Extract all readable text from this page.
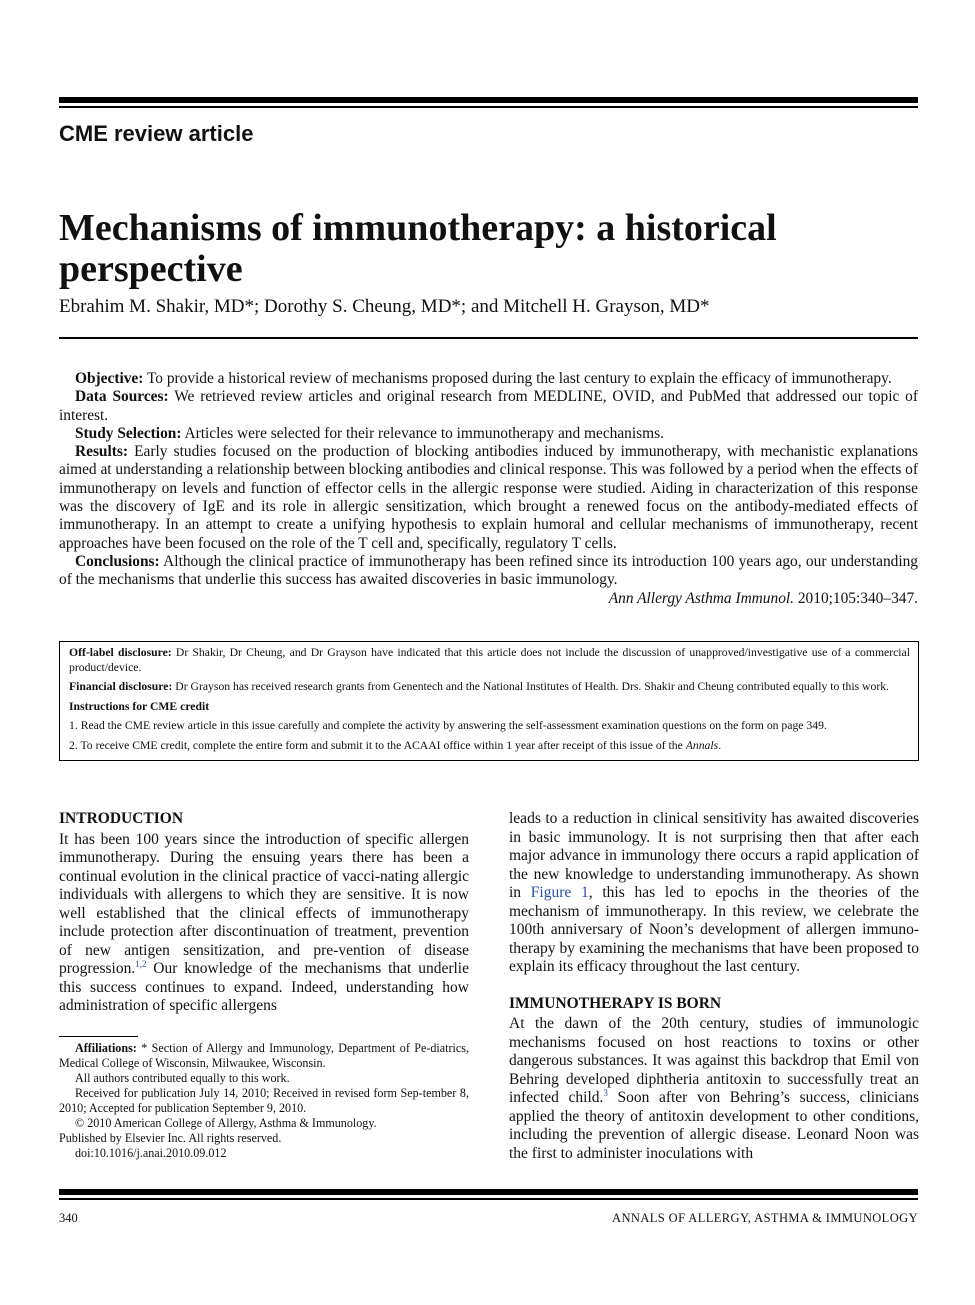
CME review article
Mechanisms of immunotherapy: a historical perspective
Ebrahim M. Shakir, MD*; Dorothy S. Cheung, MD*; and Mitchell H. Grayson, MD*

Objective: To provide a historical review of mechanisms proposed during the last century to explain the efficacy of immunotherapy.

Data Sources: We retrieved review articles and original research from MEDLINE, OVID, and PubMed that addressed our topic of interest.

Study Selection: Articles were selected for their relevance to immunotherapy and mechanisms.

Results: Early studies focused on the production of blocking antibodies induced by immunotherapy, with mechanistic explanations aimed at understanding a relationship between blocking antibodies and clinical response. This was followed by a period when the effects of immunotherapy on levels and function of effector cells in the allergic response were studied. Aiding in characterization of this response was the discovery of IgE and its role in allergic sensitization, which brought a renewed focus on the antibody-mediated effects of immunotherapy. In an attempt to create a unifying hypothesis to explain humoral and cellular mechanisms of immunotherapy, recent approaches have been focused on the role of the T cell and, specifically, regulatory T cells.

Conclusions: Although the clinical practice of immunotherapy has been refined since its introduction 100 years ago, our understanding of the mechanisms that underlie this success has awaited discoveries in basic immunology.

Ann Allergy Asthma Immunol. 2010;105:340–347.

Off-label disclosure: Dr Shakir, Dr Cheung, and Dr Grayson have indicated that this article does not include the discussion of unapproved/investigative use of a commercial product/device.

Financial disclosure: Dr Grayson has received research grants from Genentech and the National Institutes of Health. Drs. Shakir and Cheung contributed equally to this work.

Instructions for CME credit

1. Read the CME review article in this issue carefully and complete the activity by answering the self-assessment examination questions on the form on page 349.

2. To receive CME credit, complete the entire form and submit it to the ACAAI office within 1 year after receipt of this issue of the Annals.

INTRODUCTION

It has been 100 years since the introduction of specific allergen immunotherapy. During the ensuing years there has been a continual evolution in the clinical practice of vacci-nating allergic individuals with allergens to which they are sensitive. It is now well established that the clinical effects of immunotherapy include protection after discontinuation of treatment, prevention of new antigen sensitization, and pre-vention of disease progression.$^{1,2}$ Our knowledge of the mechanisms that underlie this success continues to expand. Indeed, understanding how administration of specific allergens

leads to a reduction in clinical sensitivity has awaited discoveries in basic immunology. It is not surprising then that after each major advance in immunology there occurs a rapid application of the new knowledge to understanding immunotherapy. As shown in Figure 1, this has led to epochs in the theories of the mechanism of immunotherapy. In this review, we celebrate the 100th anniversary of Noon’s development of allergen immuno-therapy by examining the mechanisms that have been proposed to explain its efficacy throughout the last century.

IMMUNOTHERAPY IS BORN

At the dawn of the 20th century, studies of immunologic mechanisms focused on host reactions to toxins or other dangerous substances. It was against this backdrop that Emil von Behring developed diphtheria antitoxin to successfully treat an infected child.$^3$ Soon after von Behring’s success, clinicians applied the theory of antitoxin development to other conditions, including the prevention of allergic disease. Leonard Noon was the first to administer inoculations with

Affiliations: * Section of Allergy and Immunology, Department of Pe-diatrics, Medical College of Wisconsin, Milwaukee, Wisconsin.

All authors contributed equally to this work.

Received for publication July 14, 2010; Received in revised form Sep-tember 8, 2010; Accepted for publication September 9, 2010.

© 2010 American College of Allergy, Asthma & Immunology.

Published by Elsevier Inc. All rights reserved.

doi:10.1016/j.anai.2010.09.012

340	ANNALS OF ALLERGY, ASTHMA & IMMUNOLOGY
